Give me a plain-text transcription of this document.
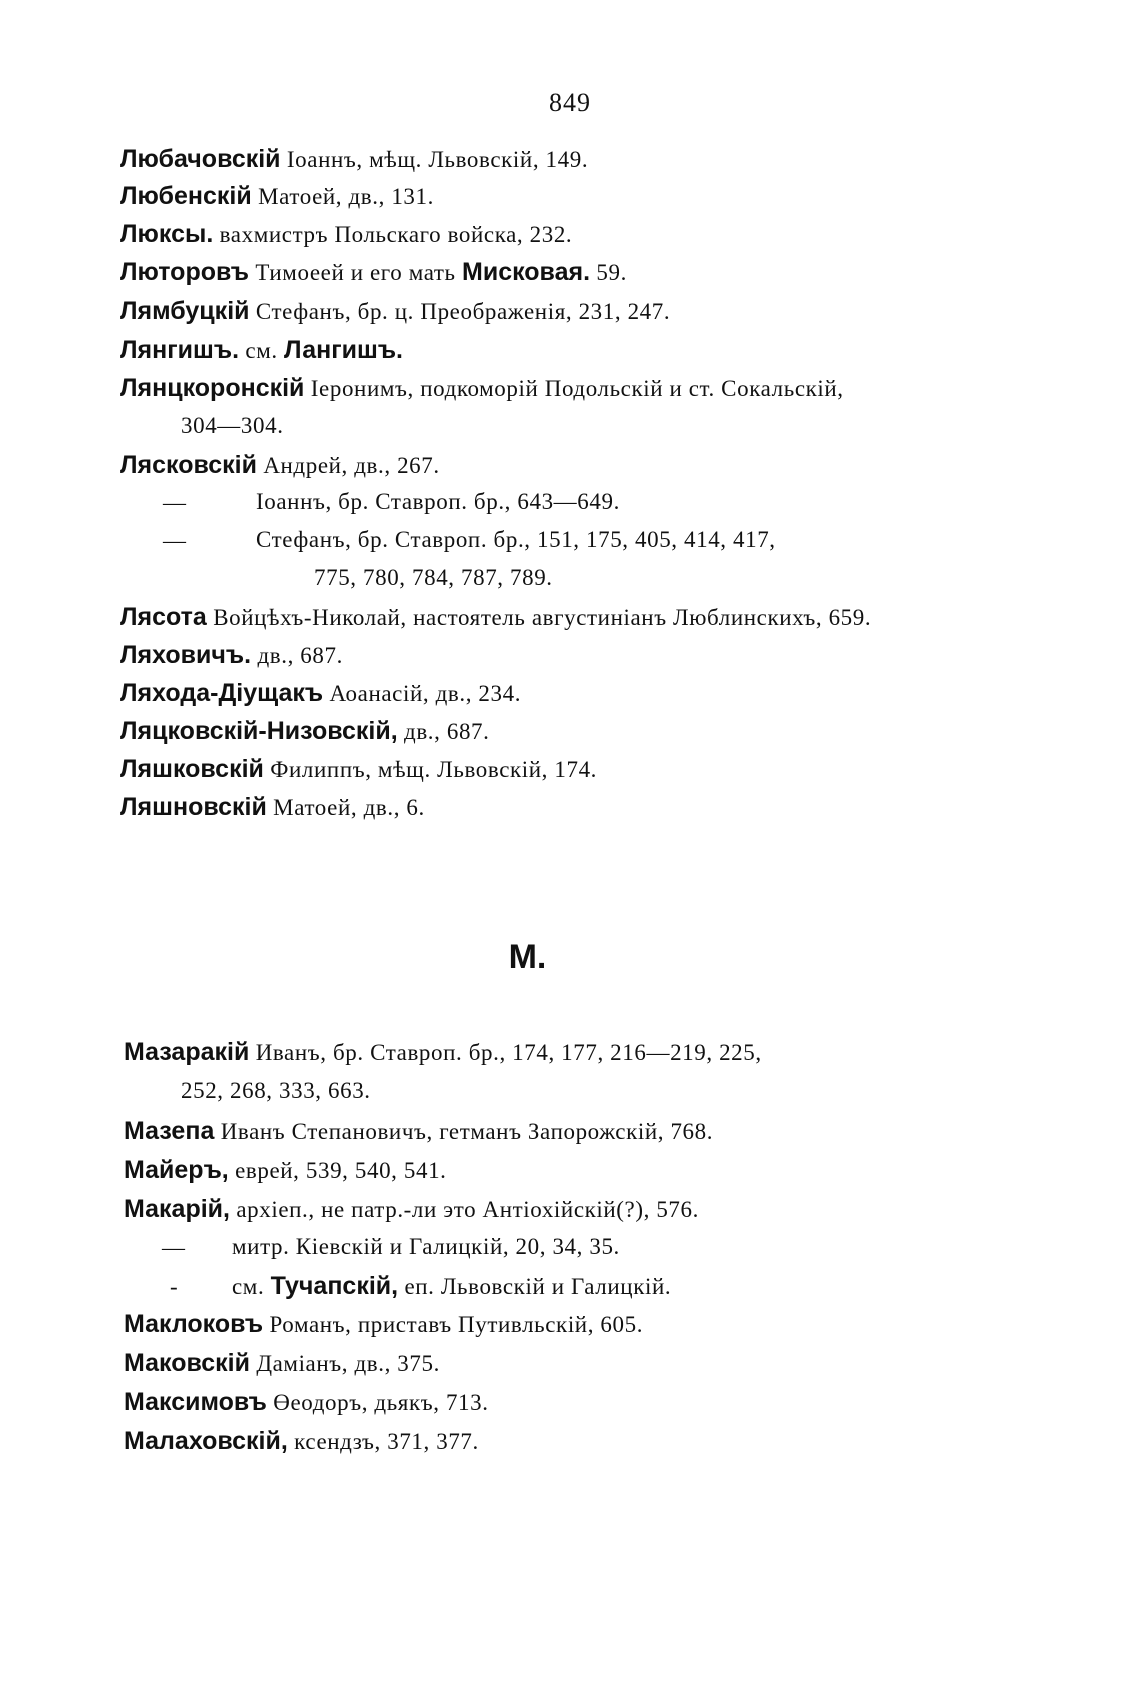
849
Любачовскій Іоаннъ, мѣщ. Львовскій, 149.
Любенскій Матоей, дв., 131.
Люксы. вахмистръ Польскаго войска, 232.
Люторовъ Тимоеей и его мать Мисковая. 59.
Лямбуцкій Стефанъ, бр. ц. Преображенія, 231, 247.
Лянгишъ. см. Лангишъ.
Лянцкоронскій Іеронимъ, подкоморій Подольскій и ст. Сокальскій,
304—304.
Лясковскій Андрей, дв., 267.
—	Іоаннъ, бр. Ставроп. бр., 643—649.
—	Стефанъ, бр. Ставроп. бр., 151, 175, 405, 414, 417,
775, 780, 784, 787, 789.
Лясота Войцѣхъ-Николай, настоятель августиніанъ Люблинскихъ, 659.
Ляховичъ. дв., 687.
Ляхода-Діущакъ Аоанасій, дв., 234.
Ляцковскій-Низовскій, дв., 687.
Ляшковскій Филиппъ, мѣщ. Львовскій, 174.
Ляшновскій Матоей, дв., 6.
М.
Мазаракій Иванъ, бр. Ставроп. бр., 174, 177, 216—219, 225,
252, 268, 333, 663.
Мазепа Иванъ Степановичъ, гетманъ Запорожскій, 768.
Майеръ, еврей, 539, 540, 541.
Макарій, архіеп., не патр.-ли это Антіохійскій(?), 576.
— митр. Кіевскій и Галицкій, 20, 34, 35.
- см. Тучапскій, еп. Львовскій и Галицкій.
Маклоковъ Романъ, приставъ Путивльскій, 605.
Маковскій Даміанъ, дв., 375.
Максимовъ Өеодоръ, дьякъ, 713.
Малаховскій, ксендзъ, 371, 377.
